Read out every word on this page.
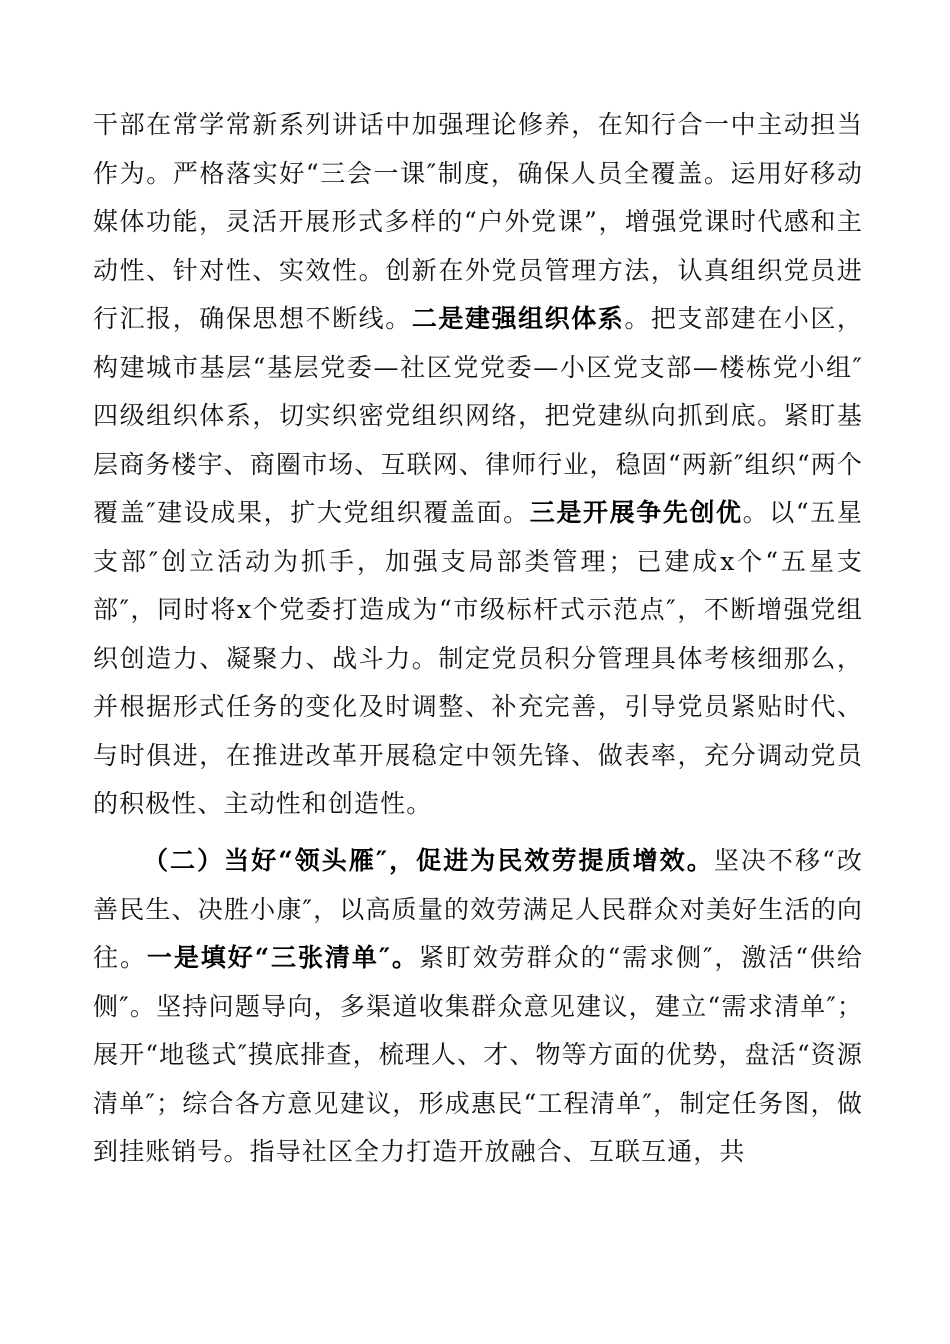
干部在常学常新系列讲话中加强理论修养，在知行合一中主动担当作为。严格落实好“三会一课″制度，确保人员全覆盖。运用好移动媒体功能，灵活开展形式多样的“户外党课”，增强党课时代感和主动性、针对性、实效性。创新在外党员管理方法，认真组织党员进行汇报，确保思想不断线。二是建强组织体系。把支部建在小区，构建城市基层“基层党委—社区党党委—小区党支部—楼栋党小组″四级组织体系，切实织密党组织网络，把党建纵向抓到底。紧盯基层商务楼宇、商圈市场、互联网、律师行业，稳固“两新″组织“两个覆盖″建设成果，扩大党组织覆盖面。三是开展争先创优。以“五星支部″创立活动为抓手，加强支局部类管理；已建成x个“五星支部″，同时将x个党委打造成为“市级标杆式示范点″，不断增强党组织创造力、凝聚力、战斗力。制定党员积分管理具体考核细那么，并根据形式任务的变化及时调整、补充完善，引导党员紧贴时代、与时俱进，在推进改革开展稳定中领先锋、做表率，充分调动党员的积极性、主动性和创造性。

（二）当好“领头雁″，促进为民效劳提质增效。坚决不移“改善民生、决胜小康″，以高质量的效劳满足人民群众对美好生活的向往。一是填好“三张清单″。紧盯效劳群众的“需求侧″，激活“供给侧″。坚持问题导向，多渠道收集群众意见建议，建立“需求清单″；展开“地毯式″摸底排查，梳理人、才、物等方面的优势，盘活“资源清单″；综合各方意见建议，形成惠民“工程清单″，制定任务图，做到挂账销号。指导社区全力打造开放融合、互联互通，共
